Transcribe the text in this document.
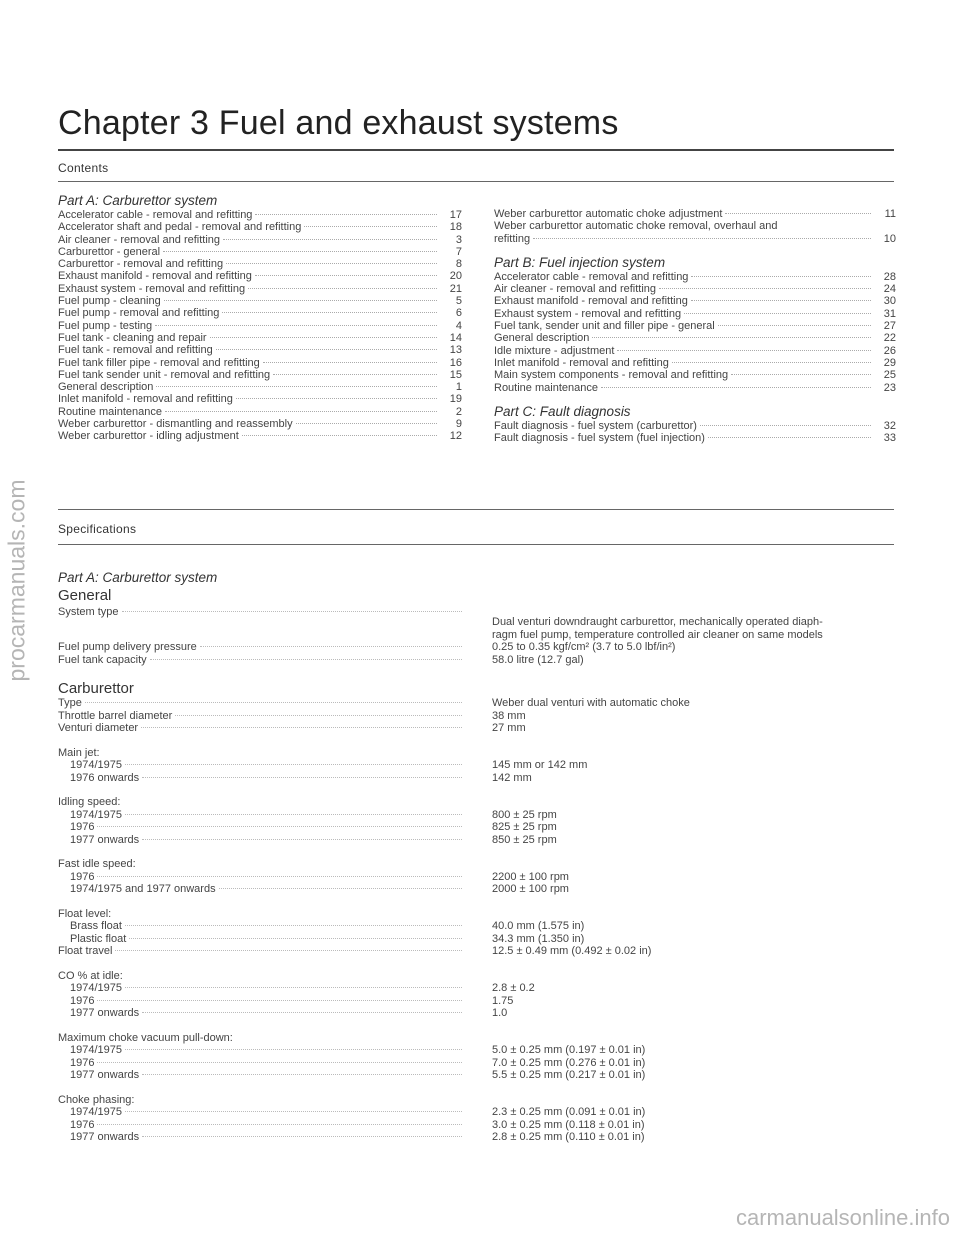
Chapter 3 Fuel and exhaust systems
Contents
Part A: Carburettor system
Accelerator cable - removal and refitting	17
Accelerator shaft and pedal - removal and refitting	18
Air cleaner - removal and refitting	3
Carburettor - general	7
Carburettor - removal and refitting	8
Exhaust manifold - removal and refitting	20
Exhaust system - removal and refitting	21
Fuel pump - cleaning	5
Fuel pump - removal and refitting	6
Fuel pump - testing	4
Fuel tank - cleaning and repair	14
Fuel tank - removal and refitting	13
Fuel tank filler pipe - removal and refitting	16
Fuel tank sender unit - removal and refitting	15
General description	1
Inlet manifold - removal and refitting	19
Routine maintenance	2
Weber carburettor - dismantling and reassembly	9
Weber carburettor - idling adjustment	12
Weber carburettor automatic choke adjustment	11
Weber carburettor automatic choke removal, overhaul and
refitting	10
Part B: Fuel injection system
Accelerator cable - removal and refitting	28
Air cleaner - removal and refitting	24
Exhaust manifold - removal and refitting	30
Exhaust system - removal and refitting	31
Fuel tank, sender unit and filler pipe - general	27
General description	22
Idle mixture - adjustment	26
Inlet manifold - removal and refitting	29
Main system components - removal and refitting	25
Routine maintenance	23
Part C: Fault diagnosis
Fault diagnosis - fuel system (carburettor)	32
Fault diagnosis - fuel system (fuel injection)	33
Specifications
Part A: Carburettor system
General
System type
Dual venturi downdraught carburettor, mechanically operated diaph-
ragm fuel pump, temperature controlled air cleaner on same models
Fuel pump delivery pressure	0.25 to 0.35 kgf/cm² (3.7 to 5.0 lbf/in²)
Fuel tank capacity	58.0 litre (12.7 gal)
Carburettor
Type	Weber dual venturi with automatic choke
Throttle barrel diameter	38 mm
Venturi diameter	27 mm
Main jet:
1974/1975	145 mm or 142 mm
1976 onwards	142 mm
Idling speed:
1974/1975	800 ± 25 rpm
1976	825 ± 25 rpm
1977 onwards	850 ± 25 rpm
Fast idle speed:
1976	2200 ± 100 rpm
1974/1975 and 1977 onwards	2000 ± 100 rpm
Float level:
Brass float	40.0 mm (1.575 in)
Plastic float	34.3 mm (1.350 in)
Float travel	12.5 ± 0.49 mm (0.492 ± 0.02 in)
CO % at idle:
1974/1975	2.8 ± 0.2
1976	1.75
1977 onwards	1.0
Maximum choke vacuum pull-down:
1974/1975	5.0 ± 0.25 mm (0.197 ± 0.01 in)
1976	7.0 ± 0.25 mm (0.276 ± 0.01 in)
1977 onwards	5.5 ± 0.25 mm (0.217 ± 0.01 in)
Choke phasing:
1974/1975	2.3 ± 0.25 mm (0.091 ± 0.01 in)
1976	3.0 ± 0.25 mm (0.118 ± 0.01 in)
1977 onwards	2.8 ± 0.25 mm (0.110 ± 0.01 in)
procarmanuals.com
carmanualsonline.info
